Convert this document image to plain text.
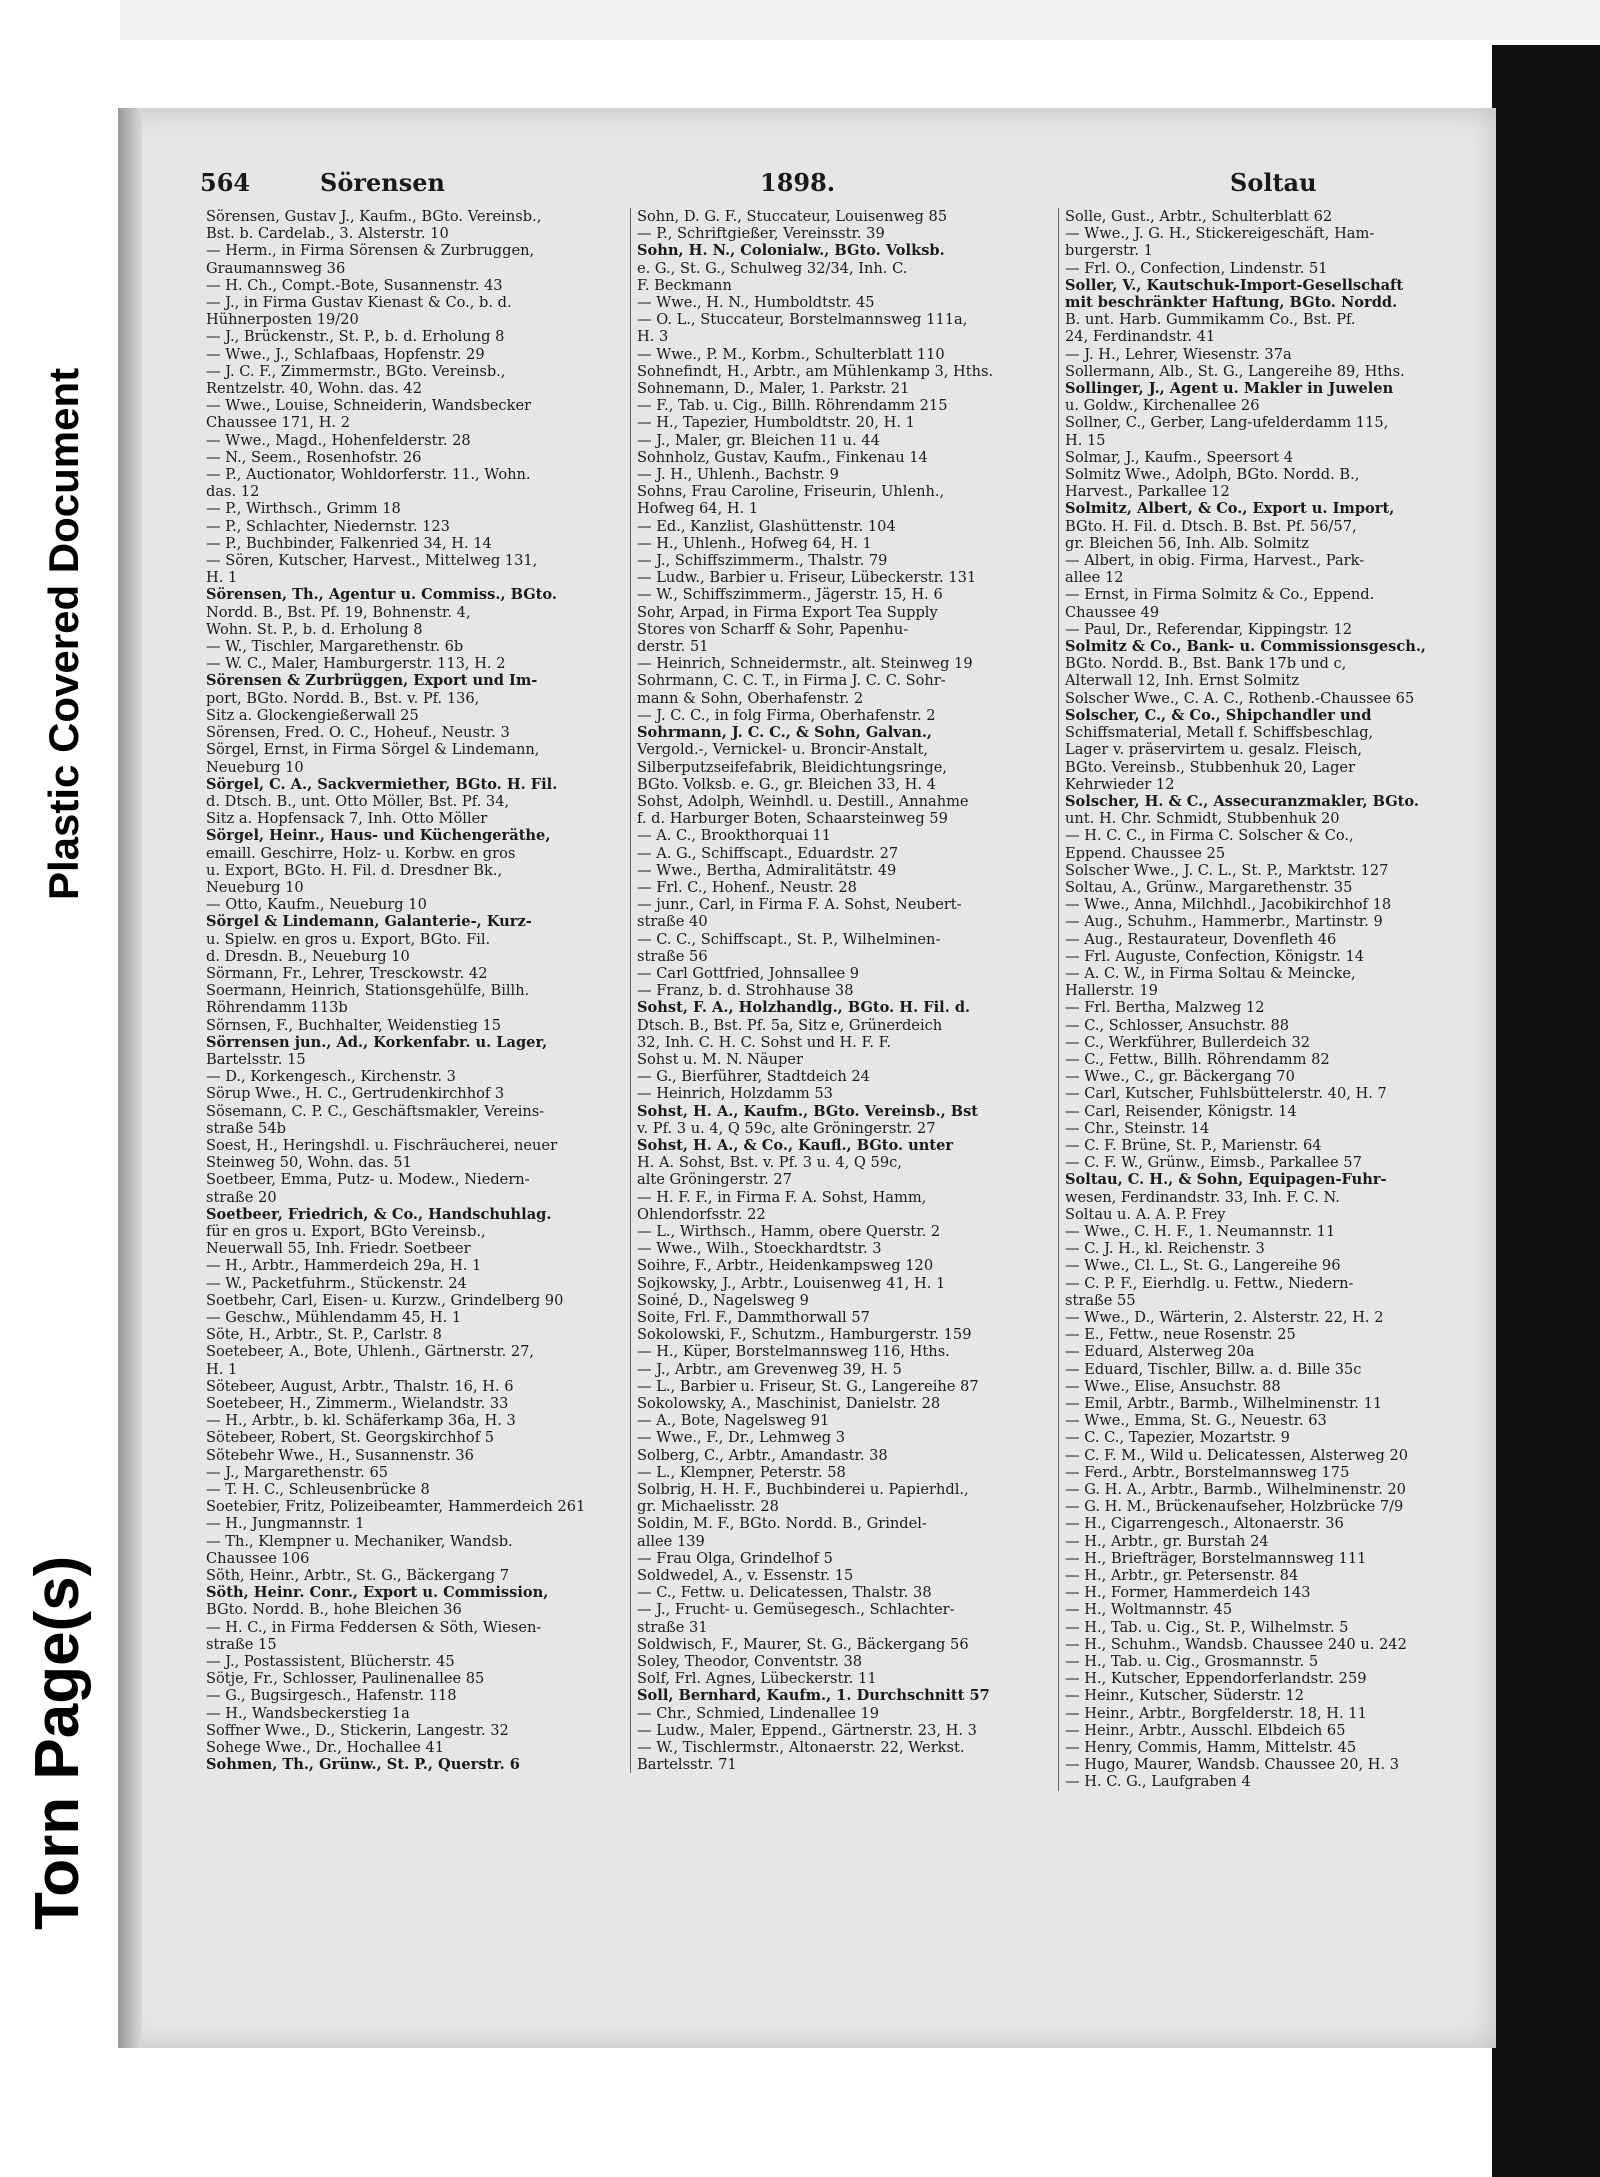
Plastic Covered Document
Torn Page(s)
564	Sörensen	1898.	Soltau
Sörensen, Gustav J., Kaufm., BGto. Vereinsb.,
Bst. b. Cardelab., 3. Alsterstr. 10
— Herm., in Firma Sörensen & Zurbruggen,
Graumannsweg 36
— H. Ch., Compt.-Bote, Susannenstr. 43
— J., in Firma Gustav Kienast & Co., b. d.
Hühnerposten 19/20
— J., Brückenstr., St. P., b. d. Erholung 8
— Wwe., J., Schlafbaas, Hopfenstr. 29
— J. C. F., Zimmermstr., BGto. Vereinsb.,
Rentzelstr. 40, Wohn. das. 42
— Wwe., Louise, Schneiderin, Wandsbecker
Chaussee 171, H. 2
— Wwe., Magd., Hohenfelderstr. 28
— N., Seem., Rosenhofstr. 26
— P., Auctionator, Wohldorferstr. 11., Wohn.
das. 12
— P., Wirthsch., Grimm 18
— P., Schlachter, Niedernstr. 123
— P., Buchbinder, Falkenried 34, H. 14
— Sören, Kutscher, Harvest., Mittelweg 131,
H. 1
Sörensen, Th., Agentur u. Commiss., BGto.
Nordd. B., Bst. Pf. 19, Bohnenstr. 4,
Wohn. St. P., b. d. Erholung 8
— W., Tischler, Margarethenstr. 6b
— W. C., Maler, Hamburgerstr. 113, H. 2
Sörensen & Zurbrüggen, Export und Im-
port, BGto. Nordd. B., Bst. v. Pf. 136,
Sitz a. Glockengießerwall 25
Sörensen, Fred. O. C., Hoheuf., Neustr. 3
Sörgel, Ernst, in Firma Sörgel & Lindemann,
Neueburg 10
Sörgel, C. A., Sackvermiether, BGto. H. Fil.
d. Dtsch. B., unt. Otto Möller, Bst. Pf. 34,
Sitz a. Hopfensack 7, Inh. Otto Möller
Sörgel, Heinr., Haus- und Küchengeräthe,
emaill. Geschirre, Holz- u. Korbw. en gros
u. Export, BGto. H. Fil. d. Dresdner Bk.,
Neueburg 10
— Otto, Kaufm., Neueburg 10
Sörgel & Lindemann, Galanterie-, Kurz-
u. Spielw. en gros u. Export, BGto. Fil.
d. Dresdn. B., Neueburg 10
Sörmann, Fr., Lehrer, Tresckowstr. 42
Soermann, Heinrich, Stationsgehülfe, Billh.
Röhrendamm 113b
Sörnsen, F., Buchhalter, Weidenstieg 15
Sörrensen jun., Ad., Korkenfabr. u. Lager,
Bartelsstr. 15
— D., Korkengesch., Kirchenstr. 3
Sörup Wwe., H. C., Gertrudenkirchhof 3
Sösemann, C. P. C., Geschäftsmakler, Vereins-
straße 54b
Soest, H., Heringshdl. u. Fischräucherei, neuer
Steinweg 50, Wohn. das. 51
Soetbeer, Emma, Putz- u. Modew., Niedern-
straße 20
Soetbeer, Friedrich, & Co., Handschuhlag.
für en gros u. Export, BGto Vereinsb.,
Neuerwall 55, Inh. Friedr. Soetbeer
— H., Arbtr., Hammerdeich 29a, H. 1
— W., Packetfuhrm., Stückenstr. 24
Soetbehr, Carl, Eisen- u. Kurzw., Grindelberg 90
— Geschw., Mühlendamm 45, H. 1
Söte, H., Arbtr., St. P., Carlstr. 8
Soetebeer, A., Bote, Uhlenh., Gärtnerstr. 27,
H. 1
Sötebeer, August, Arbtr., Thalstr. 16, H. 6
Soetebeer, H., Zimmerm., Wielandstr. 33
— H., Arbtr., b. kl. Schäferkamp 36a, H. 3
Sötebeer, Robert, St. Georgskirchhof 5
Sötebehr Wwe., H., Susannenstr. 36
— J., Margarethenstr. 65
— T. H. C., Schleusenbrücke 8
Soetebier, Fritz, Polizeibeamter, Hammerdeich 261
— H., Jungmannstr. 1
— Th., Klempner u. Mechaniker, Wandsb.
Chaussee 106
Söth, Heinr., Arbtr., St. G., Bäckergang 7
Söth, Heinr. Conr., Export u. Commission,
BGto. Nordd. B., hohe Bleichen 36
— H. C., in Firma Feddersen & Söth, Wiesen-
straße 15
— J., Postassistent, Blücherstr. 45
Sötje, Fr., Schlosser, Paulinenallee 85
— G., Bugsirgesch., Hafenstr. 118
— H., Wandsbeckerstieg 1a
Soffner Wwe., D., Stickerin, Langestr. 32
Sohege Wwe., Dr., Hochallee 41
Sohmen, Th., Grünw., St. P., Querstr. 6
Sohn, D. G. F., Stuccateur, Louisenweg 85
— P., Schriftgießer, Vereinsstr. 39
Sohn, H. N., Colonialw., BGto. Volksb.
e. G., St. G., Schulweg 32/34, Inh. C.
F. Beckmann
— Wwe., H. N., Humboldtstr. 45
— O. L., Stuccateur, Borstelmannsweg 111a,
H. 3
— Wwe., P. M., Korbm., Schulterblatt 110
Sohnefindt, H., Arbtr., am Mühlenkamp 3, Hths.
Sohnemann, D., Maler, 1. Parkstr. 21
— F., Tab. u. Cig., Billh. Röhrendamm 215
— H., Tapezier, Humboldtstr. 20, H. 1
— J., Maler, gr. Bleichen 11 u. 44
Sohnholz, Gustav, Kaufm., Finkenau 14
— J. H., Uhlenh., Bachstr. 9
Sohns, Frau Caroline, Friseurin, Uhlenh.,
Hofweg 64, H. 1
— Ed., Kanzlist, Glashüttenstr. 104
— H., Uhlenh., Hofweg 64, H. 1
— J., Schiffszimmerm., Thalstr. 79
— Ludw., Barbier u. Friseur, Lübeckerstr. 131
— W., Schiffszimmerm., Jägerstr. 15, H. 6
Sohr, Arpad, in Firma Export Tea Supply
Stores von Scharff & Sohr, Papenhu-
derstr. 51
— Heinrich, Schneidermstr., alt. Steinweg 19
Sohrmann, C. C. T., in Firma J. C. C. Sohr-
mann & Sohn, Oberhafenstr. 2
— J. C. C., in folg Firma, Oberhafenstr. 2
Sohrmann, J. C. C., & Sohn, Galvan.,
Vergold.-, Vernickel- u. Broncir-Anstalt,
Silberputzseifefabrik, Bleidichtungsringe,
BGto. Volksb. e. G., gr. Bleichen 33, H. 4
Sohst, Adolph, Weinhdl. u. Destill., Annahme
f. d. Harburger Boten, Schaarsteinweg 59
— A. C., Brookthorquai 11
— A. G., Schiffscapt., Eduardstr. 27
— Wwe., Bertha, Admiralitätstr. 49
— Frl. C., Hohenf., Neustr. 28
— junr., Carl, in Firma F. A. Sohst, Neubert-
straße 40
— C. C., Schiffscapt., St. P., Wilhelminen-
straße 56
— Carl Gottfried, Johnsallee 9
— Franz, b. d. Strohhause 38
Sohst, F. A., Holzhandlg., BGto. H. Fil. d.
Dtsch. B., Bst. Pf. 5a, Sitz e, Grünerdeich
32, Inh. C. H. C. Sohst und H. F. F.
Sohst u. M. N. Näuper
— G., Bierführer, Stadtdeich 24
— Heinrich, Holzdamm 53
Sohst, H. A., Kaufm., BGto. Vereinsb., Bst
v. Pf. 3 u. 4, Q 59c, alte Gröningerstr. 27
Sohst, H. A., & Co., Kaufl., BGto. unter
H. A. Sohst, Bst. v. Pf. 3 u. 4, Q 59c,
alte Gröningerstr. 27
— H. F. F., in Firma F. A. Sohst, Hamm,
Ohlendorfsstr. 22
— L., Wirthsch., Hamm, obere Querstr. 2
— Wwe., Wilh., Stoeckhardtstr. 3
Soihre, F., Arbtr., Heidenkampsweg 120
Sojkowsky, J., Arbtr., Louisenweg 41, H. 1
Soiné, D., Nagelsweg 9
Soite, Frl. F., Dammthorwall 57
Sokolowski, F., Schutzm., Hamburgerstr. 159
— H., Küper, Borstelmannsweg 116, Hths.
— J., Arbtr., am Grevenweg 39, H. 5
— L., Barbier u. Friseur, St. G., Langereihe 87
Sokolowsky, A., Maschinist, Danielstr. 28
— A., Bote, Nagelsweg 91
— Wwe., F., Dr., Lehmweg 3
Solberg, C., Arbtr., Amandastr. 38
— L., Klempner, Peterstr. 58
Solbrig, H. H. F., Buchbinderei u. Papierhdl.,
gr. Michaelisstr. 28
Soldin, M. F., BGto. Nordd. B., Grindel-
allee 139
— Frau Olga, Grindelhof 5
Soldwedel, A., v. Essenstr. 15
— C., Fettw. u. Delicatessen, Thalstr. 38
— J., Frucht- u. Gemüsegesch., Schlachter-
straße 31
Soldwisch, F., Maurer, St. G., Bäckergang 56
Soley, Theodor, Conventstr. 38
Solf, Frl. Agnes, Lübeckerstr. 11
Soll, Bernhard, Kaufm., 1. Durchschnitt 57
— Chr., Schmied, Lindenallee 19
— Ludw., Maler, Eppend., Gärtnerstr. 23, H. 3
— W., Tischlermstr., Altonaerstr. 22, Werkst.
Bartelsstr. 71
Solle, Gust., Arbtr., Schulterblatt 62
— Wwe., J. G. H., Stickereigeschäft, Ham-
burgerstr. 1
— Frl. O., Confection, Lindenstr. 51
Soller, V., Kautschuk-Import-Gesellschaft
mit beschränkter Haftung, BGto. Nordd.
B. unt. Harb. Gummikamm Co., Bst. Pf.
24, Ferdinandstr. 41
— J. H., Lehrer, Wiesenstr. 37a
Sollermann, Alb., St. G., Langereihe 89, Hths.
Sollinger, J., Agent u. Makler in Juwelen
u. Goldw., Kirchenallee 26
Sollner, C., Gerber, Lang-ufelderdamm 115,
H. 15
Solmar, J., Kaufm., Speersort 4
Solmitz Wwe., Adolph, BGto. Nordd. B.,
Harvest., Parkallee 12
Solmitz, Albert, & Co., Export u. Import,
BGto. H. Fil. d. Dtsch. B. Bst. Pf. 56/57,
gr. Bleichen 56, Inh. Alb. Solmitz
— Albert, in obig. Firma, Harvest., Park-
allee 12
— Ernst, in Firma Solmitz & Co., Eppend.
Chaussee 49
— Paul, Dr., Referendar, Kippingstr. 12
Solmitz & Co., Bank- u. Commissionsgesch.,
BGto. Nordd. B., Bst. Bank 17b und c,
Alterwall 12, Inh. Ernst Solmitz
Solscher Wwe., C. A. C., Rothenb.-Chaussee 65
Solscher, C., & Co., Shipchandler und
Schiffsmaterial, Metall f. Schiffsbeschlag,
Lager v. präservirtem u. gesalz. Fleisch,
BGto. Vereinsb., Stubbenhuk 20, Lager
Kehrwieder 12
Solscher, H. & C., Assecuranzmakler, BGto.
unt. H. Chr. Schmidt, Stubbenhuk 20
— H. C. C., in Firma C. Solscher & Co.,
Eppend. Chaussee 25
Solscher Wwe., J. C. L., St. P., Marktstr. 127
Soltau, A., Grünw., Margarethenstr. 35
— Wwe., Anna, Milchhdl., Jacobikirchhof 18
— Aug., Schuhm., Hammerbr., Martinstr. 9
— Aug., Restaurateur, Dovenfleth 46
— Frl. Auguste, Confection, Königstr. 14
— A. C. W., in Firma Soltau & Meincke,
Hallerstr. 19
— Frl. Bertha, Malzweg 12
— C., Schlosser, Ansuchstr. 88
— C., Werkführer, Bullerdeich 32
— C., Fettw., Billh. Röhrendamm 82
— Wwe., C., gr. Bäckergang 70
— Carl, Kutscher, Fuhlsbüttelerstr. 40, H. 7
— Carl, Reisender, Königstr. 14
— Chr., Steinstr. 14
— C. F. Brüne, St. P., Marienstr. 64
— C. F. W., Grünw., Eimsb., Parkallee 57
Soltau, C. H., & Sohn, Equipagen-Fuhr-
wesen, Ferdinandstr. 33, Inh. F. C. N.
Soltau u. A. A. P. Frey
— Wwe., C. H. F., 1. Neumannstr. 11
— C. J. H., kl. Reichenstr. 3
— Wwe., Cl. L., St. G., Langereihe 96
— C. P. F., Eierhdlg. u. Fettw., Niedern-
straße 55
— Wwe., D., Wärterin, 2. Alsterstr. 22, H. 2
— E., Fettw., neue Rosenstr. 25
— Eduard, Alsterweg 20a
— Eduard, Tischler, Billw. a. d. Bille 35c
— Wwe., Elise, Ansuchstr. 88
— Emil, Arbtr., Barmb., Wilhelminenstr. 11
— Wwe., Emma, St. G., Neuestr. 63
— C. C., Tapezier, Mozartstr. 9
— C. F. M., Wild u. Delicatessen, Alsterweg 20
— Ferd., Arbtr., Borstelmannsweg 175
— G. H. A., Arbtr., Barmb., Wilhelminenstr. 20
— G. H. M., Brückenaufseher, Holzbrücke 7/9
— H., Cigarrengesch., Altonaerstr. 36
— H., Arbtr., gr. Burstah 24
— H., Briefträger, Borstelmannsweg 111
— H., Arbtr., gr. Petersenstr. 84
— H., Former, Hammerdeich 143
— H., Woltmannstr. 45
— H., Tab. u. Cig., St. P., Wilhelmstr. 5
— H., Schuhm., Wandsb. Chaussee 240 u. 242
— H., Tab. u. Cig., Grosmannstr. 5
— H., Kutscher, Eppendorferlandstr. 259
— Heinr., Kutscher, Süderstr. 12
— Heinr., Arbtr., Borgfelderstr. 18, H. 11
— Heinr., Arbtr., Ausschl. Elbdeich 65
— Henry, Commis, Hamm, Mittelstr. 45
— Hugo, Maurer, Wandsb. Chaussee 20, H. 3
— H. C. G., Laufgraben 4
